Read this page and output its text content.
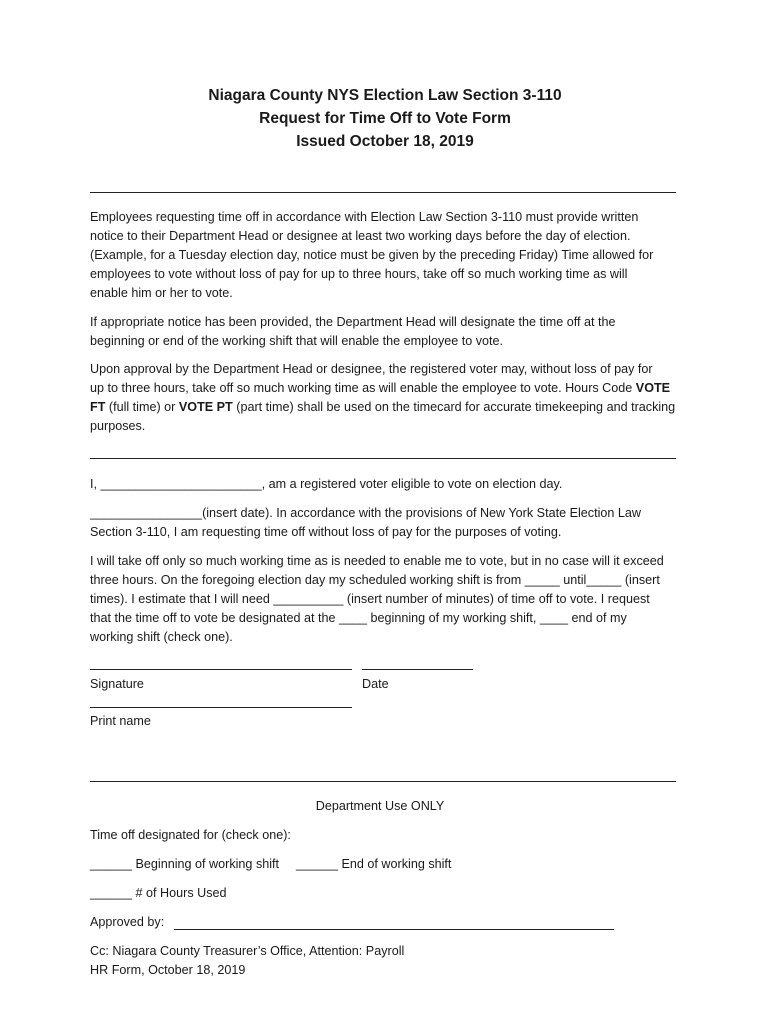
Niagara County NYS Election Law Section 3-110
Request for Time Off to Vote Form
Issued October 18, 2019
Employees requesting time off in accordance with Election Law Section 3-110 must provide written
notice to their Department Head or designee at least two working days before the day of election.
(Example, for a Tuesday election day, notice must be given by the preceding Friday) Time allowed for
employees to vote without loss of pay for up to three hours, take off so much working time as will
enable him or her to vote.
If appropriate notice has been provided, the Department Head will designate the time off at the
beginning or end of the working shift that will enable the employee to vote.
Upon approval by the Department Head or designee, the registered voter may, without loss of pay for
up to three hours, take off so much working time as will enable the employee to vote. Hours Code VOTE
FT (full time) or VOTE PT (part time) shall be used on the timecard for accurate timekeeping and tracking
purposes.
I, _______________________, am a registered voter eligible to vote on election day.
________________(insert date). In accordance with the provisions of New York State Election Law
Section 3-110, I am requesting time off without loss of pay for the purposes of voting.
I will take off only so much working time as is needed to enable me to vote, but in no case will it exceed
three hours. On the foregoing election day my scheduled working shift is from _____ until_____ (insert
times). I estimate that I will need __________ (insert number of minutes) of time off to vote. I request
that the time off to vote be designated at the ____ beginning of my working shift, ____ end of my
working shift (check one).
Signature	Date
Print name
Department Use ONLY
Time off designated for (check one):
______ Beginning of working shift ______ End of working shift
______ # of Hours Used
Approved by:
Cc: Niagara County Treasurer’s Office, Attention: Payroll
HR Form, October 18, 2019
